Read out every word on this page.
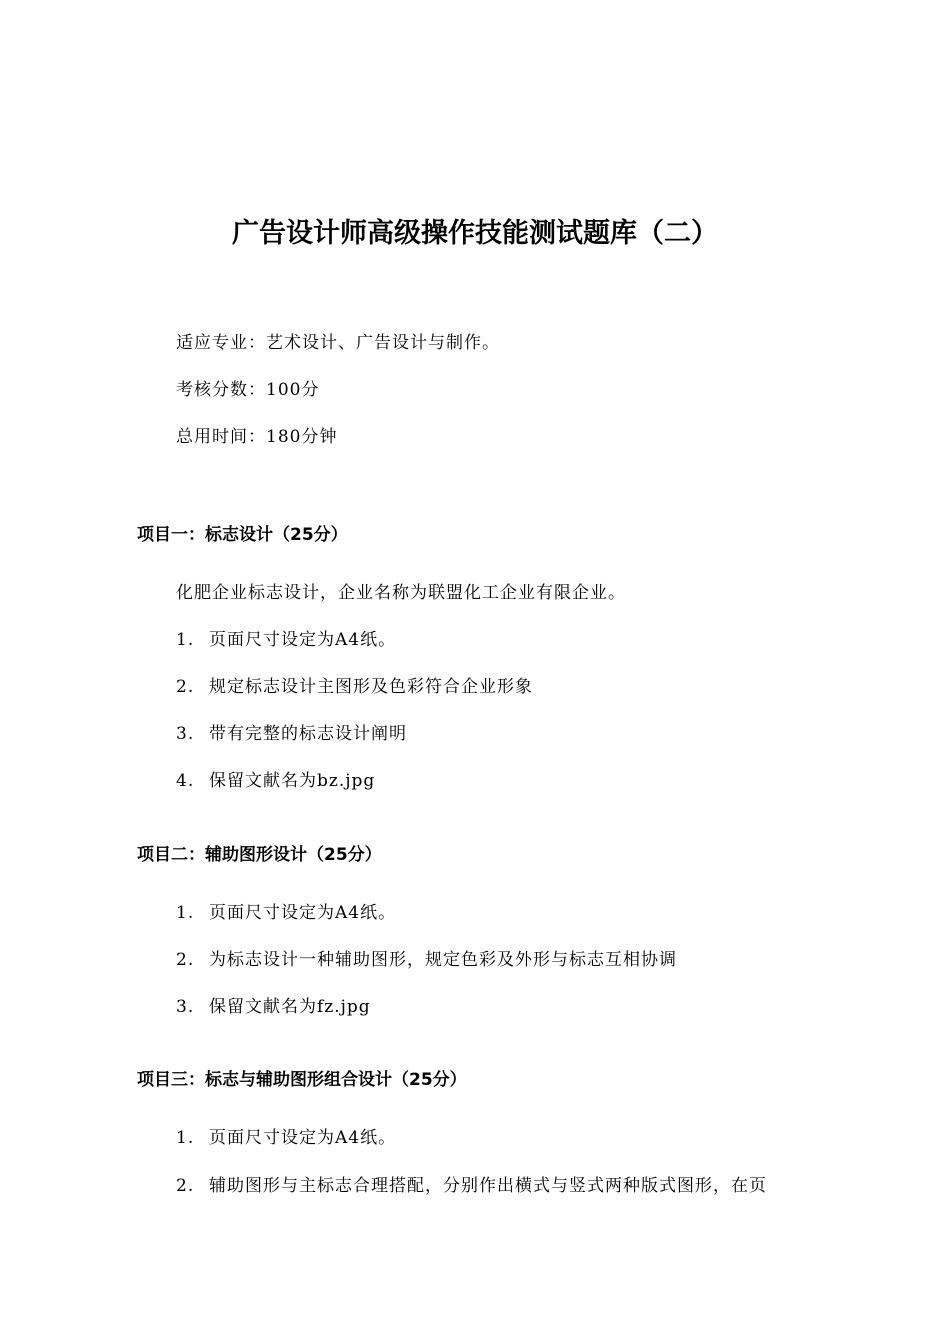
广告设计师高级操作技能测试题库（二）
适应专业：艺术设计、广告设计与制作。
考核分数：100分
总用时间：180分钟
项目一：标志设计（25分）
化肥企业标志设计，企业名称为联盟化工企业有限企业。
1. 页面尺寸设定为A4纸。
2. 规定标志设计主图形及色彩符合企业形象
3. 带有完整的标志设计阐明
4. 保留文献名为bz.jpg
项目二：辅助图形设计（25分）
1. 页面尺寸设定为A4纸。
2. 为标志设计一种辅助图形，规定色彩及外形与标志互相协调
3. 保留文献名为fz.jpg
项目三：标志与辅助图形组合设计（25分）
1. 页面尺寸设定为A4纸。
2. 辅助图形与主标志合理搭配，分别作出横式与竖式两种版式图形，在页
